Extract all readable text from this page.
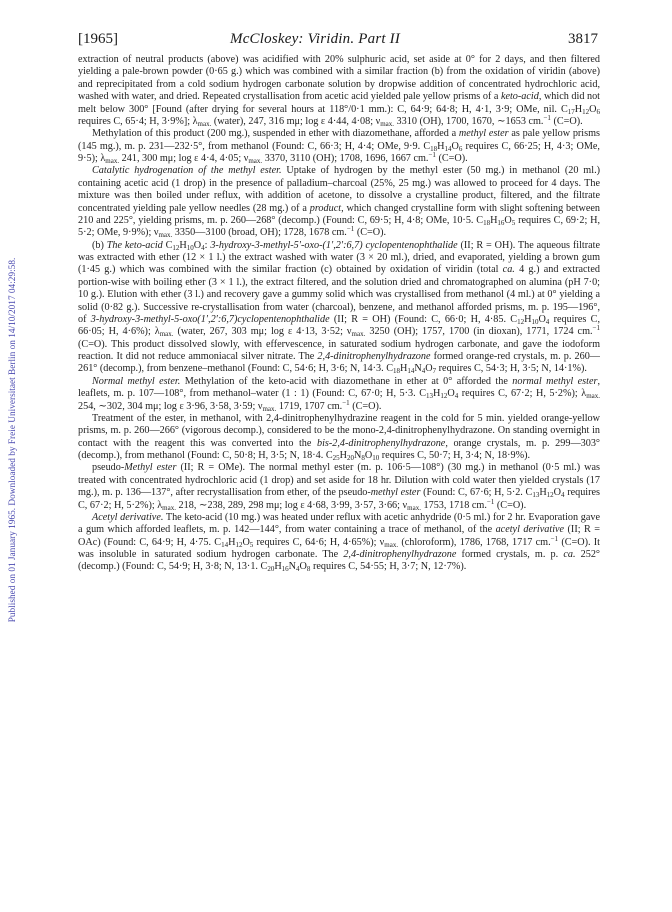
Published on 01 January 1965. Downloaded by Freie Universitaet Berlin on 14/10/2017 04:29:58.
[1965]	McCloskey: Viridin. Part II	3817

extraction of neutral products (above) was acidified with 20% sulphuric acid, set aside at 0° for 2 days, and then filtered yielding a pale-brown powder (0·65 g.) which was combined with a similar fraction (b) from the oxidation of viridin (above) and reprecipitated from a cold sodium hydrogen carbonate solution by dropwise addition of concentrated hydrochloric acid, washed with water, and dried. Repeated crystallisation from acetic acid yielded pale yellow prisms of a keto-acid, which did not melt below 300° [Found (after drying for several hours at 118°/0·1 mm.): C, 64·9; 64·8; H, 4·1, 3·9; OMe, nil. $C_{17}H_{12}O_6$ requires C, 65·4; H, 3·9%]; $\lambda_{max.}$ (water), 247, 316 mμ; log ε 4·44, 4·08; $\nu_{max.}$ 3310 (OH), 1700, 1670, ∼1653 cm.$^{-1}$ (C=O).

Methylation of this product (200 mg.), suspended in ether with diazomethane, afforded a methyl ester as pale yellow prisms (145 mg.), m. p. 231—232·5°, from methanol (Found: C, 66·3; H, 4·4; OMe, 9·9. $C_{18}H_{14}O_6$ requires C, 66·25; H, 4·3; OMe, 9·5); $\lambda_{max.}$ 241, 300 mμ; log ε 4·4, 4·05; $\nu_{max.}$ 3370, 3110 (OH); 1708, 1696, 1667 cm.$^{-1}$ (C=O).

Catalytic hydrogenation of the methyl ester. Uptake of hydrogen by the methyl ester (50 mg.) in methanol (20 ml.) containing acetic acid (1 drop) in the presence of palladium–charcoal (25%, 25 mg.) was allowed to proceed for 4 days. The mixture was then boiled under reflux, with addition of acetone, to dissolve a crystalline product, filtered, and the filtrate concentrated yielding pale yellow needles (28 mg.) of a product, which changed crystalline form with slight softening between 210 and 225°, yielding prisms, m. p. 260—268° (decomp.) (Found: C, 69·5; H, 4·8; OMe, 10·5. $C_{18}H_{16}O_5$ requires C, 69·2; H, 5·2; OMe, 9·9%); $\nu_{max.}$ 3350—3100 (broad, OH); 1728, 1678 cm.$^{-1}$ (C=O).

(b) The keto-acid $C_{12}H_{10}O_4$: 3-hydroxy-3-methyl-5′-oxo-(1′,2′:6,7) cyclopentenophthalide (II; R = OH). The aqueous filtrate was extracted with ether (12 × 1 l.) the extract washed with water (3 × 20 ml.), dried, and evaporated, yielding a brown gum (1·45 g.) which was combined with the similar fraction (c) obtained by oxidation of viridin (total ca. 4 g.) and extracted portion-wise with boiling ether (3 × 1 l.), the extract filtered, and the solution dried and chromatographed on alumina (pH 7·0; 10 g.). Elution with ether (3 l.) and recovery gave a gummy solid which was crystallised from methanol (4 ml.) at 0° yielding a solid (0·82 g.). Successive re-crystallisation from water (charcoal), benzene, and methanol afforded prisms, m. p. 195—196°, of 3-hydroxy-3-methyl-5-oxo(1′,2′:6,7)cyclopentenophthalide (II; R = OH) (Found: C, 66·0; H, 4·85. $C_{12}H_{10}O_4$ requires C, 66·05; H, 4·6%); $\lambda_{max.}$ (water, 267, 303 mμ; log ε 4·13, 3·52; $\nu_{max.}$ 3250 (OH); 1757, 1700 (in dioxan), 1771, 1724 cm.$^{-1}$ (C=O). This product dissolved slowly, with effervescence, in saturated sodium hydrogen carbonate, and gave the iodoform reaction. It did not reduce ammoniacal silver nitrate. The 2,4-dinitrophenylhydrazone formed orange-red crystals, m. p. 260—261° (decomp.), from benzene–methanol (Found: C, 54·6; H, 3·6; N, 14·3. $C_{18}H_{14}N_4O_7$ requires C, 54·3; H, 3·5; N, 14·1%).

Normal methyl ester. Methylation of the keto-acid with diazomethane in ether at 0° afforded the normal methyl ester, leaflets, m. p. 107—108°, from methanol–water (1 : 1) (Found: C, 67·0; H, 5·3. $C_{13}H_{12}O_4$ requires C, 67·2; H, 5·2%); $\lambda_{max.}$ 254, ∼302, 304 mμ; log ε 3·96, 3·58, 3·59; $\nu_{max.}$ 1719, 1707 cm.$^{-1}$ (C=O).

Treatment of the ester, in methanol, with 2,4-dinitrophenylhydrazine reagent in the cold for 5 min. yielded orange-yellow prisms, m. p. 260—266° (vigorous decomp.), considered to be the mono-2,4-dinitrophenylhydrazone. On standing overnight in contact with the reagent this was converted into the bis-2,4-dinitrophenylhydrazone, orange crystals, m. p. 299—303° (decomp.), from methanol (Found: C, 50·8; H, 3·5; N, 18·4. $C_{25}H_{20}N_8O_{10}$ requires C, 50·7; H, 3·4; N, 18·9%).

pseudo-Methyl ester (II; R = OMe). The normal methyl ester (m. p. 106·5—108°) (30 mg.) in methanol (0·5 ml.) was treated with concentrated hydrochloric acid (1 drop) and set aside for 18 hr. Dilution with cold water then yielded crystals (17 mg.), m. p. 136—137°, after recrystallisation from ether, of the pseudo-methyl ester (Found: C, 67·6; H, 5·2. $C_{13}H_{12}O_4$ requires C, 67·2; H, 5·2%); $\lambda_{max.}$ 218, ∼238, 289, 298 mμ; log ε 4·68, 3·99, 3·57, 3·66; $\nu_{max.}$ 1753, 1718 cm.$^{-1}$ (C=O).

Acetyl derivative. The keto-acid (10 mg.) was heated under reflux with acetic anhydride (0·5 ml.) for 2 hr. Evaporation gave a gum which afforded leaflets, m. p. 142—144°, from water containing a trace of methanol, of the acetyl derivative (II; R = OAc) (Found: C, 64·9; H, 4·75. $C_{14}H_{12}O_5$ requires C, 64·6; H, 4·65%); $\nu_{max.}$ (chloroform), 1786, 1768, 1717 cm.$^{-1}$ (C=O). It was insoluble in saturated sodium hydrogen carbonate. The 2,4-dinitrophenylhydrazone formed crystals, m. p. ca. 252° (decomp.) (Found: C, 54·9; H, 3·8; N, 13·1. $C_{20}H_{16}N_4O_8$ requires C, 54·55; H, 3·7; N, 12·7%).
